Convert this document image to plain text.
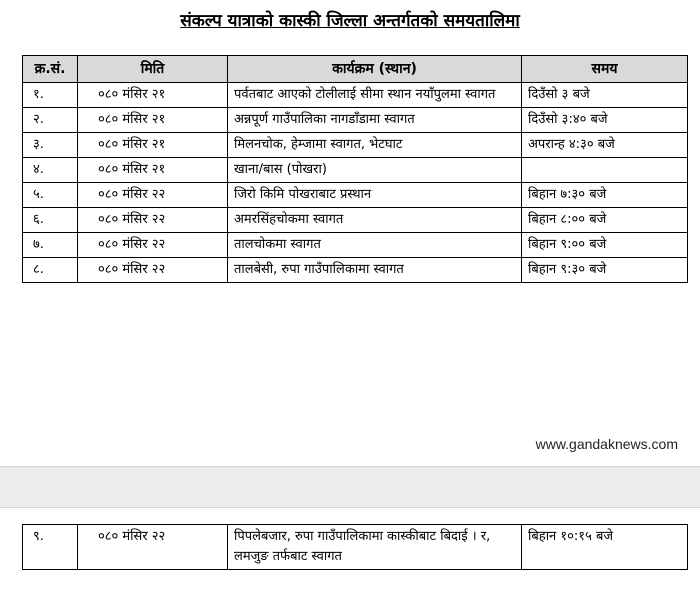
संकल्प यात्राको कास्की जिल्ला अन्तर्गतको समयतालिमा
क्र.सं.	मिति	कार्यक्रम (स्थान)	समय
१.	०८० मंसिर २१	पर्वतबाट आएको टोलीलाई सीमा स्थान नयाँपुलमा स्वागत	दिउँसो ३ बजे
२.	०८० मंसिर २१	अन्नपूर्ण गाउँपालिका नागडाँडामा स्वागत	दिउँसो ३:४० बजे
३.	०८० मंसिर २१	मिलनचोक, हेम्जामा स्वागत, भेटघाट	अपरान्ह ४:३० बजे
४.	०८० मंसिर २१	खाना/बास (पोखरा)	
५.	०८० मंसिर २२	जिरो किमि पोखराबाट प्रस्थान	बिहान ७:३० बजे
६.	०८० मंसिर २२	अमरसिंहचोकमा स्वागत	बिहान ८:०० बजे
७.	०८० मंसिर २२	तालचोकमा स्वागत	बिहान ९:०० बजे
८.	०८० मंसिर २२	तालबेसी, रुपा गाउँपालिकामा स्वागत	बिहान ९:३० बजे
www.gandaknews.com
९.	०८० मंसिर २२	पिपलेबजार, रुपा गाउँपालिकामा कास्कीबाट बिदाई । र, लमजुङ तर्फबाट स्वागत	बिहान १०:१५ बजे
